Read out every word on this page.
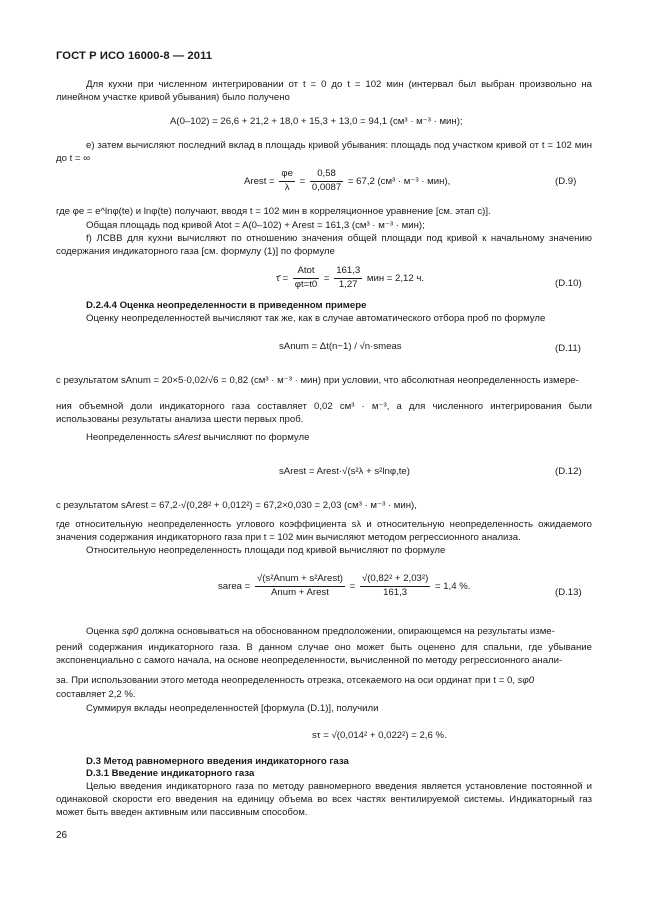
ГОСТ Р ИСО 16000-8 — 2011
Для кухни при численном интегрировании от t = 0 до t = 102 мин (интервал был выбран произвольно на линейном участке кривой убывания) было получено
A(0–102) = 26,6 + 21,2 + 18,0 + 15,3 + 13,0 = 94,1 (см³ · м⁻³ · мин);
е) затем вычисляют последний вклад в площадь кривой убывания: площадь под участком кривой от t = 102 мин до t = ∞
Arest = $\frac{\varphi e}{\lambda} = \frac{0,58}{0,0087} = 67,2$ (см³ · м⁻³ · мин),	(D.9)
где φe = e^lnφ(te) и lnφ(te) получают, вводя t = 102 мин в корреляционное уравнение [см. этап с)].
Общая площадь под кривой Atot = A(0–102) + Arest = 161,3 (см³ · м⁻³ · мин);
f) ЛСВВ для кухни вычисляют по отношению значения общей площади под кривой к начальному значению содержания индикаторного газа [см. формулу (1)] по формуле
τ̄ = $\frac{\text{Atot}}{\varphi t=t0} = \frac{161,3}{1,27}$ мин = 2,12 ч.	(D.10)
D.2.4.4 Оценка неопределенности в приведенном примере
Оценку неопределенностей вычисляют так же, как в случае автоматического отбора проб по формуле
sAnum = Δt(n−1) / √n·smeas	(D.11)
с результатом sAnum = 20×5·0,02/√6 = 0,82 (см³ · м⁻³ · мин) при условии, что абсолютная неопределенность измере-
ния объемной доли индикаторного газа составляет 0,02 см³ · м⁻³, а для численного интегрирования были использованы результаты анализа шести первых проб.
Неопределенность sArest вычисляют по формуле
sArest = Arest·√(s²λ + s²lnφ,te)	(D.12)
с результатом sArest = 67,2·√(0,28² + 0,012²) = 67,2×0,030 = 2,03 (см³ · м⁻³ · мин),
где относительную неопределенность углового коэффициента sλ и относительную неопределенность ожидаемого значения содержания индикаторного газа при t = 102 мин вычисляют методом регрессионного анализа.
Относительную неопределенность площади под кривой вычисляют по формуле
sarea = $\frac{\text{√(s²Anum + s²Arest)}}{\text{Anum + Arest}} = \frac{\text{√(0,82² + 2,03²)}}{161,3} = 1,4$ %.
(D.13)
Оценка sφ0 должна основываться на обоснованном предположении, опирающемся на результаты изме-
рений содержания индикаторного газа. В данном случае оно может быть оценено для спальни, где убывание экспоненциально с самого начала, на основе неопределенности, вычисленной по методу регрессионного анали-
за. При использовании этого метода неопределенность отрезка, отсекаемого на оси ординат при t = 0, sφ0
составляет 2,2 %.
Суммируя вклады неопределенностей [формула (D.1)], получили
sτ = √(0,014² + 0,022²) = 2,6 %.
D.3 Метод равномерного введения индикаторного газа
D.3.1 Введение индикаторного газа
Целью введения индикаторного газа по методу равномерного введения является установление постоянной и одинаковой скорости его введения на единицу объема во всех частях вентилируемой системы. Индикаторный газ может быть введен активным или пассивным способом.
26
